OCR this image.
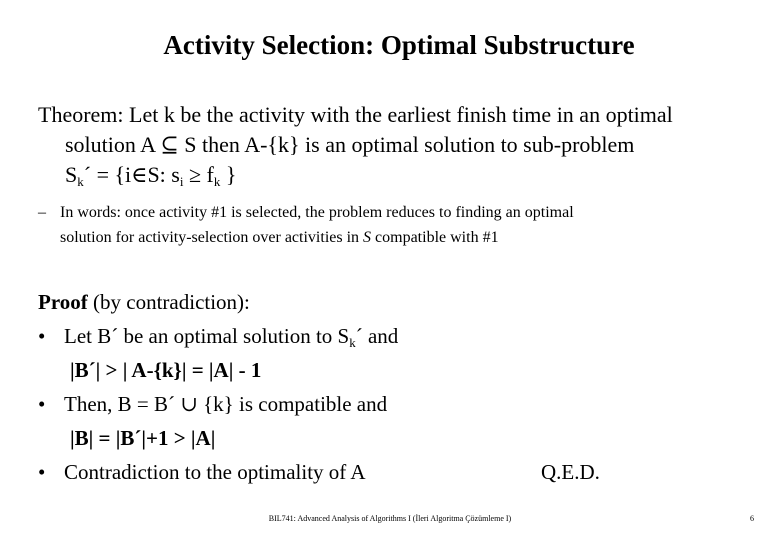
Activity Selection: Optimal Substructure
Theorem: Let k be the activity with the earliest finish time in an optimal
solution A ⊆ S then A-{k} is an optimal solution to sub-problem
$S_k´$ = {i∈S: $s_i \ge f_k$ }
– In words: once activity #1 is selected, the problem reduces to finding an optimal
solution for activity-selection over activities in S compatible with #1
Proof (by contradiction):
• Let B´ be an optimal solution to $S_k´$ and
|B´| > | A-{k}| = |A| - 1
• Then, B = B´ ∪ {k} is compatible and
|B| = |B´|+1 > |A|
• Contradiction to the optimality of A	Q.E.D.
BIL741: Advanced Analysis of Algorithms I (İleri Algoritma Çözümleme I)	6
